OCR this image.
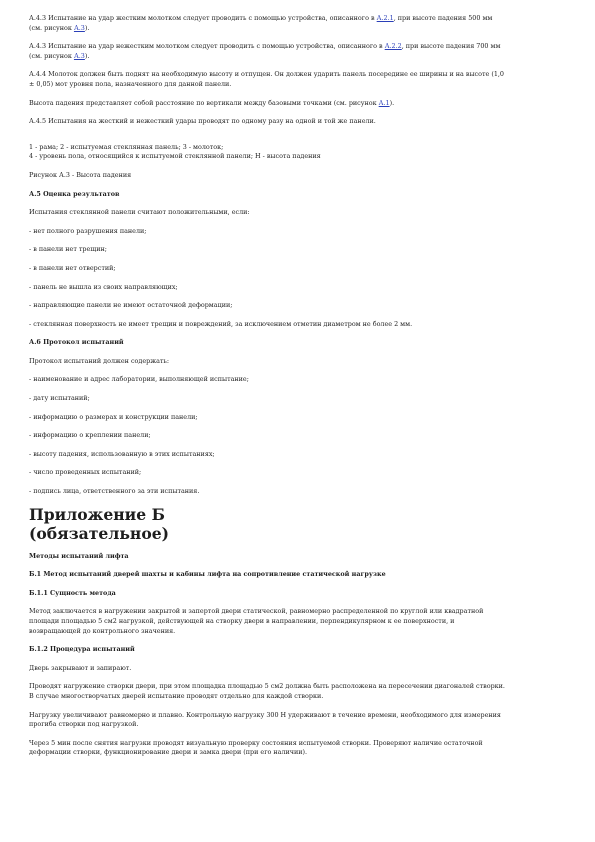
А.4.3 Испытание на удар жестким молотком следует проводить с помощью устройства, описанного в А.2.1, при высоте падения 500 мм
(см. рисунок А.3).

А.4.3 Испытание на удар нежестким молотком следует проводить с помощью устройства, описанного в А.2.2, при высоте падения 700 мм
(см. рисунок А.3).

А.4.4 Молоток должен быть поднят на необходимую высоту и отпущен. Он должен ударить панель посередине ее ширины и на высоте (1,0
± 0,05) мот уровня пола, назначенного для данной панели.

Высота падения представляет собой расстояние по вертикали между базовыми точками (см. рисунок А.1).

А.4.5 Испытания на жесткий и нежесткий удары проводят по одному разу на одной и той же панели.

1 - рама; 2 - испытуемая стеклянная панель; 3 - молоток;
4 - уровень пола, относящийся к испытуемой стеклянной панели; H - высота падения

Рисунок А.3 - Высота падения

А.5 Оценка результатов

Испытания стеклянной панели считают положительными, если:

- нет полного разрушения панели;

- в панели нет трещин;

- в панели нет отверстий;

- панель не вышла из своих направляющих;

- направляющие панели не имеют остаточной деформации;

- стеклянная поверхность не имеет трещин и повреждений, за исключением отметин диаметром не более 2 мм.

А.6 Протокол испытаний

Протокол испытаний должен содержать:

- наименование и адрес лаборатории, выполняющей испытание;

- дату испытаний;

- информацию о размерах и конструкции панели;

- информацию о креплении панели;

- высоту падения, использованную в этих испытаниях;

- число проведенных испытаний;

- подпись лица, ответственного за эти испытания.

Приложение Б
(обязательное)

Методы испытаний лифта

Б.1 Метод испытаний дверей шахты и кабины лифта на сопротивление статической нагрузке

Б.1.1 Сущность метода

Метод заключается в нагружении закрытой и запертой двери статической, равномерно распределенной по круглой или квадратной
площади площадью 5 см2 нагрузкой, действующей на створку двери в направлении, перпендикулярном к ее поверхности, и
возвращающей до контрольного значения.

Б.1.2 Процедура испытаний

Дверь закрывают и запирают.

Проводят нагружение створки двери, при этом площадка площадью 5 см2 должна быть расположена на пересечении диагоналей створки.
В случае многостворчатых дверей испытание проводят отдельно для каждой створки.

Нагрузку увеличивают равномерно и плавно. Контрольную нагрузку 300 Н удерживают в течение времени, необходимого для измерения
прогиба створки под нагрузкой.

Через 5 мин после снятия нагрузки проводят визуальную проверку состояния испытуемой створки. Проверяют наличие остаточной
деформации створки, функционирование двери и замка двери (при его наличии).
